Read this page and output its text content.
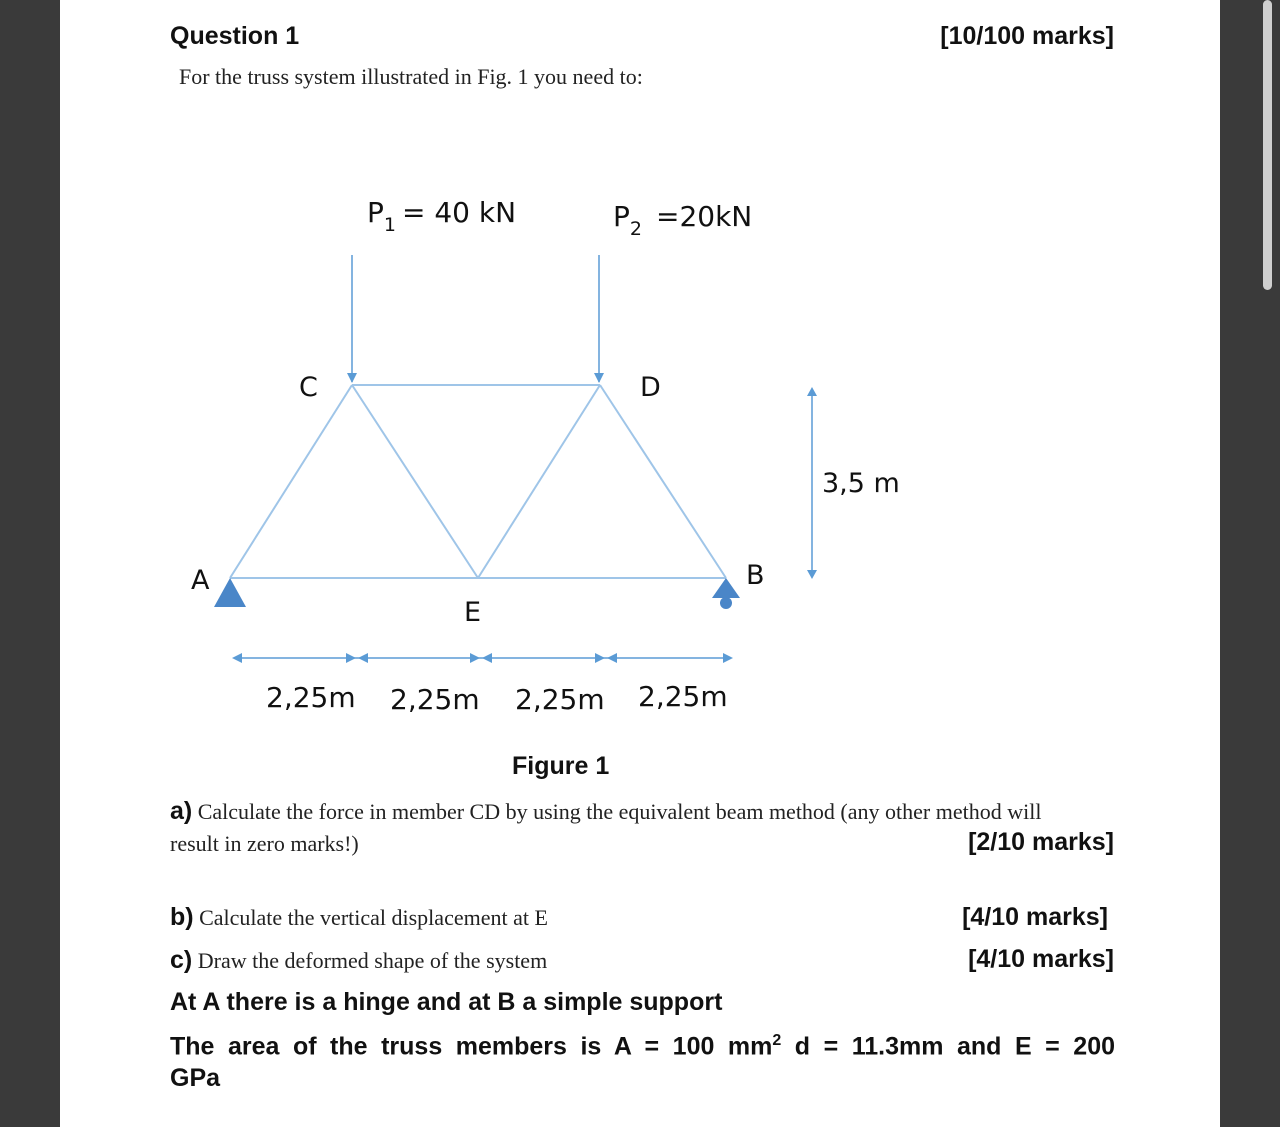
Question 1	[10/100 marks]
For the truss system illustrated in Fig. 1 you need to:
$P_1 = 40$ kN	$P_2 =20kN$
C	D
A	B
E
3,5 m
2,25m 2,25m 2,25m 2,25m
Figure 1
a) Calculate the force in member CD by using the equivalent beam method (any other method will
result in zero marks!)	[2/10 marks]
b) Calculate the vertical displacement at E	[4/10 marks]
c) Draw the deformed shape of the system	[4/10 marks]
At A there is a hinge and at B a simple support
The area of the truss members is A = 100 $mm^2$ d = 11.3mm and E = 200
GPa
